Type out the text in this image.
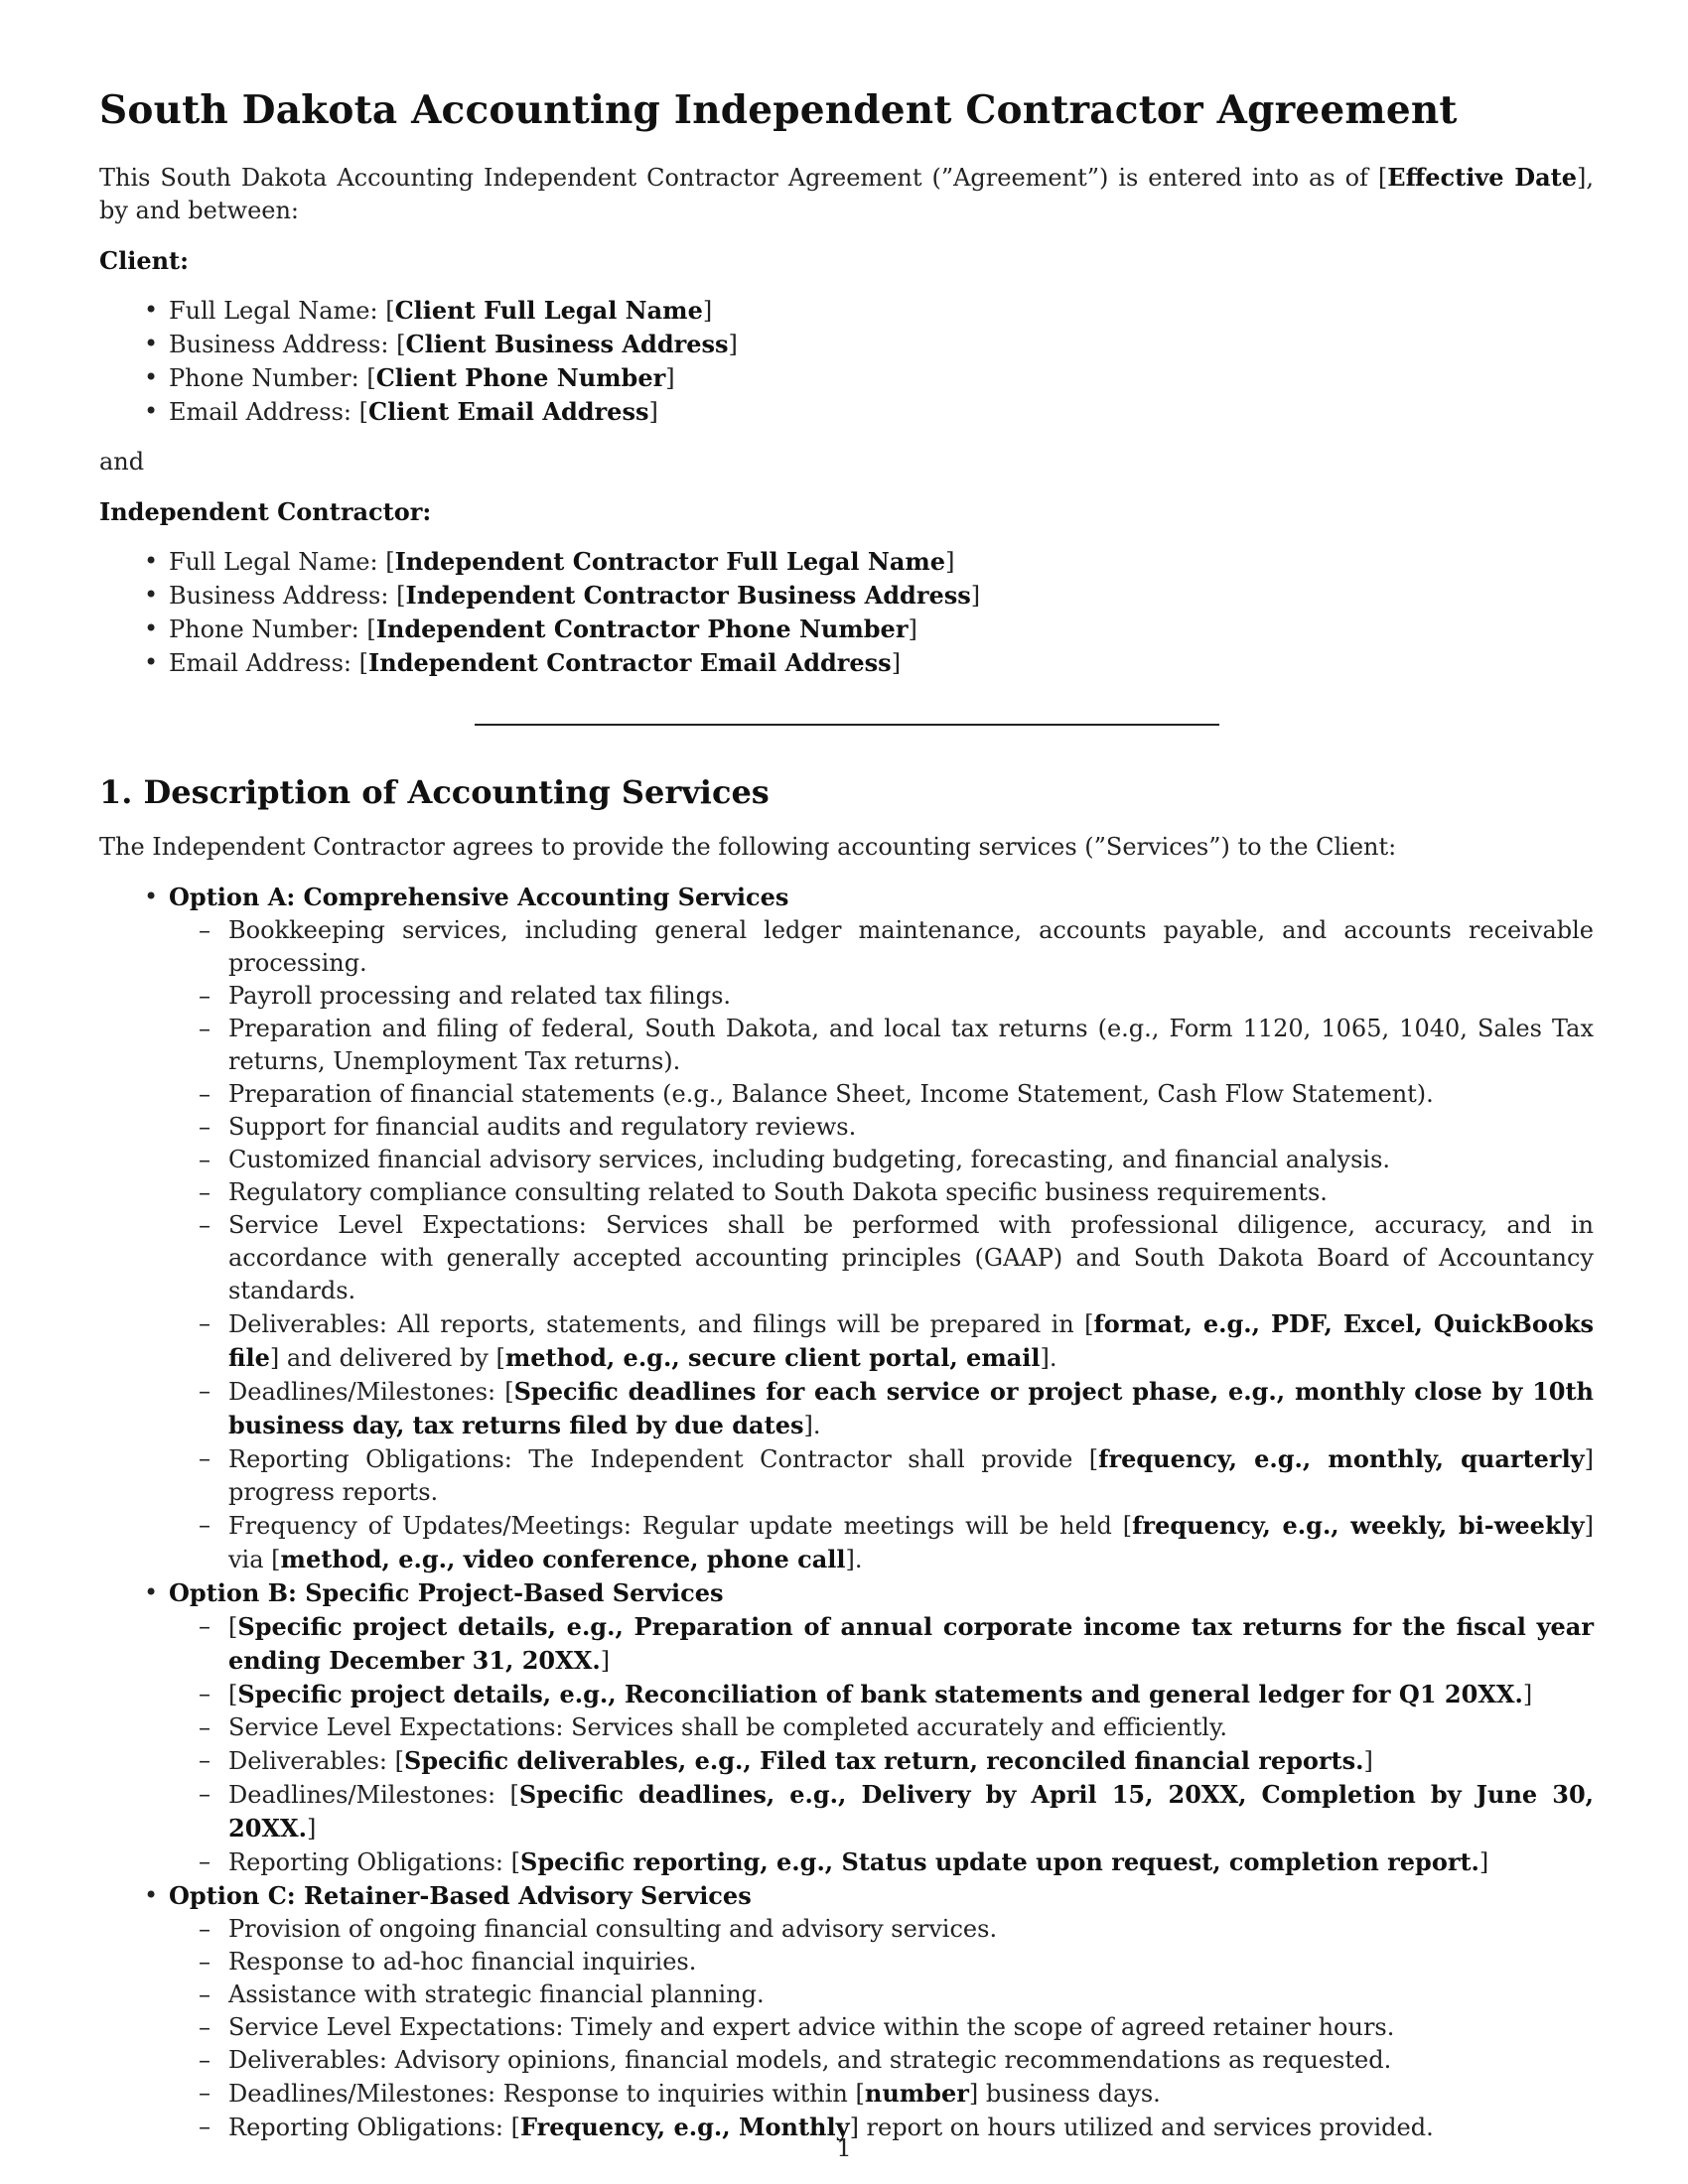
South Dakota Accounting Independent Contractor Agreement

This South Dakota Accounting Independent Contractor Agreement (”Agreement”) is entered into as of [Effective Date], by and between:

Client:

• Full Legal Name: [Client Full Legal Name]
• Business Address: [Client Business Address]
• Phone Number: [Client Phone Number]
• Email Address: [Client Email Address]

and

Independent Contractor:

• Full Legal Name: [Independent Contractor Full Legal Name]
• Business Address: [Independent Contractor Business Address]
• Phone Number: [Independent Contractor Phone Number]
• Email Address: [Independent Contractor Email Address]
1. Description of Accounting Services

The Independent Contractor agrees to provide the following accounting services (”Services”) to the Client:

• Option A: Comprehensive Accounting Services
– Bookkeeping services, including general ledger maintenance, accounts payable, and accounts receivable processing.
– Payroll processing and related tax filings.
– Preparation and filing of federal, South Dakota, and local tax returns (e.g., Form 1120, 1065, 1040, Sales Tax returns, Unemployment Tax returns).
– Preparation of financial statements (e.g., Balance Sheet, Income Statement, Cash Flow Statement).
– Support for financial audits and regulatory reviews.
– Customized financial advisory services, including budgeting, forecasting, and financial analysis.
– Regulatory compliance consulting related to South Dakota specific business requirements.
– Service Level Expectations: Services shall be performed with professional diligence, accuracy, and in accordance with generally accepted accounting principles (GAAP) and South Dakota Board of Accountancy standards.
– Deliverables: All reports, statements, and filings will be prepared in [format, e.g., PDF, Excel, QuickBooks file] and delivered by [method, e.g., secure client portal, email].
– Deadlines/Milestones: [Specific deadlines for each service or project phase, e.g., monthly close by 10th business day, tax returns filed by due dates].
– Reporting Obligations: The Independent Contractor shall provide [frequency, e.g., monthly, quarterly] progress reports.
– Frequency of Updates/Meetings: Regular update meetings will be held [frequency, e.g., weekly, bi-weekly] via [method, e.g., video conference, phone call].
• Option B: Specific Project-Based Services
– [Specific project details, e.g., Preparation of annual corporate income tax returns for the fiscal year ending December 31, 20XX.]
– [Specific project details, e.g., Reconciliation of bank statements and general ledger for Q1 20XX.]
– Service Level Expectations: Services shall be completed accurately and efficiently.
– Deliverables: [Specific deliverables, e.g., Filed tax return, reconciled financial reports.]
– Deadlines/Milestones: [Specific deadlines, e.g., Delivery by April 15, 20XX, Completion by June 30, 20XX.]
– Reporting Obligations: [Specific reporting, e.g., Status update upon request, completion report.]
• Option C: Retainer-Based Advisory Services
– Provision of ongoing financial consulting and advisory services.
– Response to ad-hoc financial inquiries.
– Assistance with strategic financial planning.
– Service Level Expectations: Timely and expert advice within the scope of agreed retainer hours.
– Deliverables: Advisory opinions, financial models, and strategic recommendations as requested.
– Deadlines/Milestones: Response to inquiries within [number] business days.
– Reporting Obligations: [Frequency, e.g., Monthly] report on hours utilized and services provided.
1
